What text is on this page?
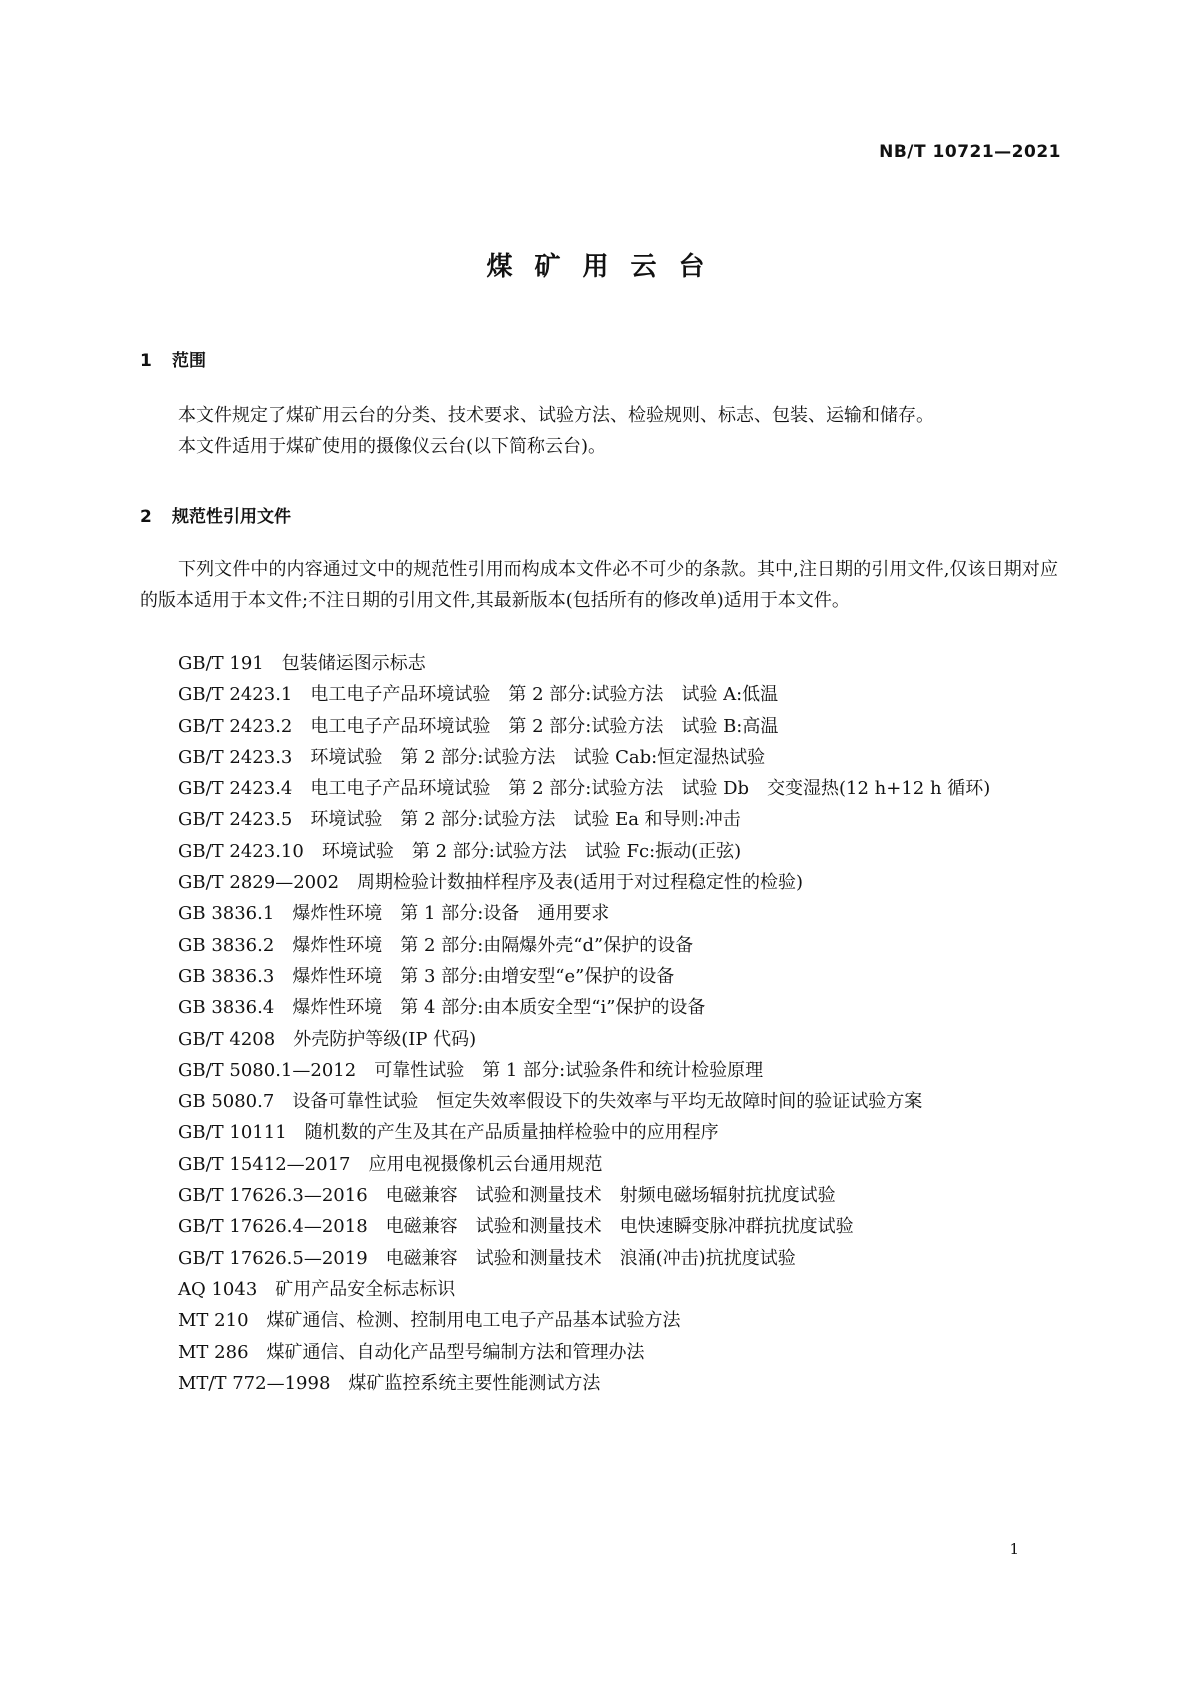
NB/T 10721—2021
煤矿用云台
1 范围

本文件规定了煤矿用云台的分类、技术要求、试验方法、检验规则、标志、包装、运输和储存。

本文件适用于煤矿使用的摄像仪云台(以下简称云台)。

2 规范性引用文件

下列文件中的内容通过文中的规范性引用而构成本文件必不可少的条款。其中,注日期的引用文件,仅该日期对应的版本适用于本文件;不注日期的引用文件,其最新版本(包括所有的修改单)适用于本文件。

GB/T 191　 包装储运图示标志
GB/T 2423.1　 电工电子产品环境试验　第 2 部分:试验方法　试验 A:低温
GB/T 2423.2　 电工电子产品环境试验　第 2 部分:试验方法　试验 B:高温
GB/T 2423.3　 环境试验　第 2 部分:试验方法　试验 Cab:恒定湿热试验
GB/T 2423.4　 电工电子产品环境试验　第 2 部分:试验方法　试验 Db　交变湿热(12 h+12 h 循环)
GB/T 2423.5　 环境试验　第 2 部分:试验方法　试验 Ea 和导则:冲击
GB/T 2423.10　 环境试验　第 2 部分:试验方法　试验 Fc:振动(正弦)
GB/T 2829—2002　 周期检验计数抽样程序及表(适用于对过程稳定性的检验)
GB 3836.1　 爆炸性环境　第 1 部分:设备　通用要求
GB 3836.2　 爆炸性环境　第 2 部分:由隔爆外壳“d”保护的设备
GB 3836.3　 爆炸性环境　第 3 部分:由增安型“e”保护的设备
GB 3836.4　 爆炸性环境　第 4 部分:由本质安全型“i”保护的设备
GB/T 4208　 外壳防护等级(IP 代码)
GB/T 5080.1—2012　 可靠性试验　第 1 部分:试验条件和统计检验原理
GB 5080.7　 设备可靠性试验　恒定失效率假设下的失效率与平均无故障时间的验证试验方案
GB/T 10111　 随机数的产生及其在产品质量抽样检验中的应用程序
GB/T 15412—2017　 应用电视摄像机云台通用规范
GB/T 17626.3—2016　 电磁兼容　试验和测量技术　射频电磁场辐射抗扰度试验
GB/T 17626.4—2018　 电磁兼容　试验和测量技术　电快速瞬变脉冲群抗扰度试验
GB/T 17626.5—2019　 电磁兼容　试验和测量技术　浪涌(冲击)抗扰度试验
AQ 1043　 矿用产品安全标志标识
MT 210　 煤矿通信、检测、控制用电工电子产品基本试验方法
MT 286　 煤矿通信、自动化产品型号编制方法和管理办法
MT/T 772—1998　 煤矿监控系统主要性能测试方法
1
